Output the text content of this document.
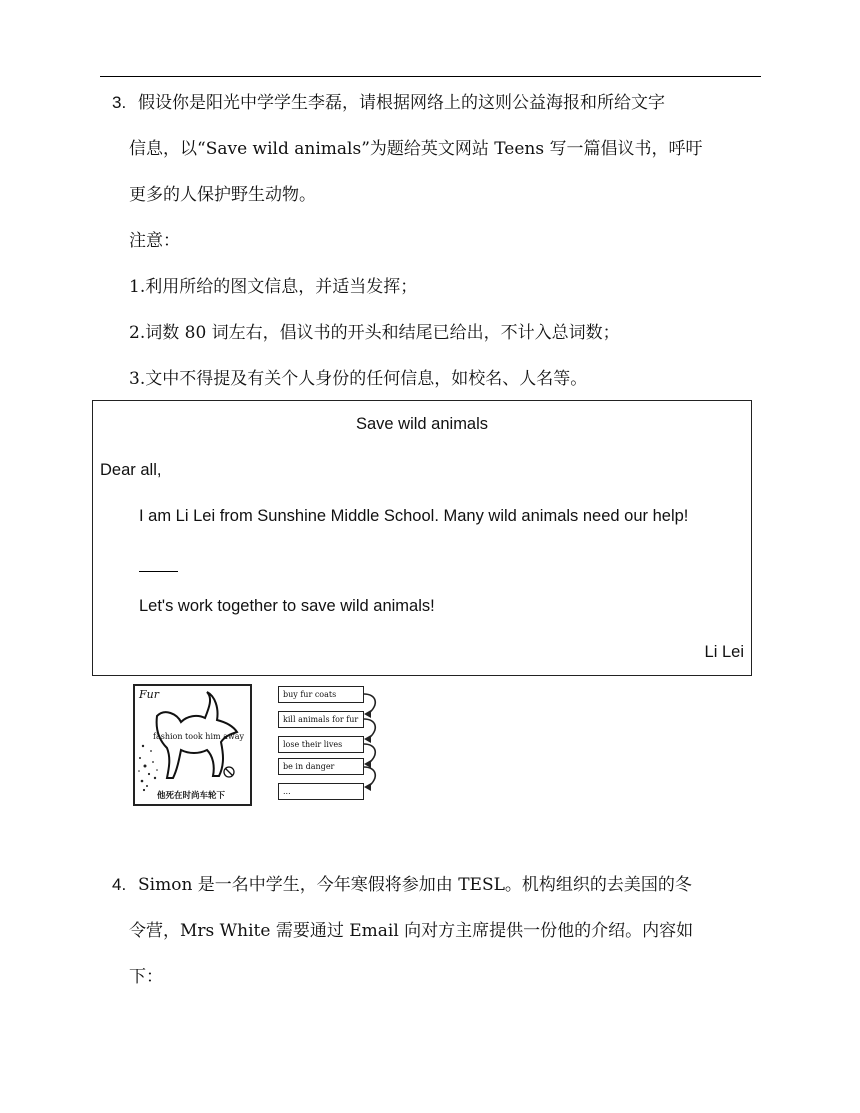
3. 假设你是阳光中学学生李磊，请根据网络上的这则公益海报和所给文字
信息，以“Save wild animals”为题给英文网站 Teens 写一篇倡议书，呼吁
更多的人保护野生动物。
注意：
1.利用所给的图文信息，并适当发挥；
2.词数 80 词左右，倡议书的开头和结尾已给出，不计入总词数；
3.文中不得提及有关个人身份的任何信息，如校名、人名等。
Save wild animals
Dear all,
I am Li Lei from Sunshine Middle School. Many wild animals need our help!
Let's work together to save wild animals!
Li Lei
Fur
fashion took him away
他死在时尚车轮下
buy fur coats
kill animals for fur
lose their lives
be in danger
...
4. Simon 是一名中学生，今年寒假将参加由 TESL。机构组织的去美国的冬
令营，Mrs White 需要通过 Email 向对方主席提供一份他的介绍。内容如
下：
